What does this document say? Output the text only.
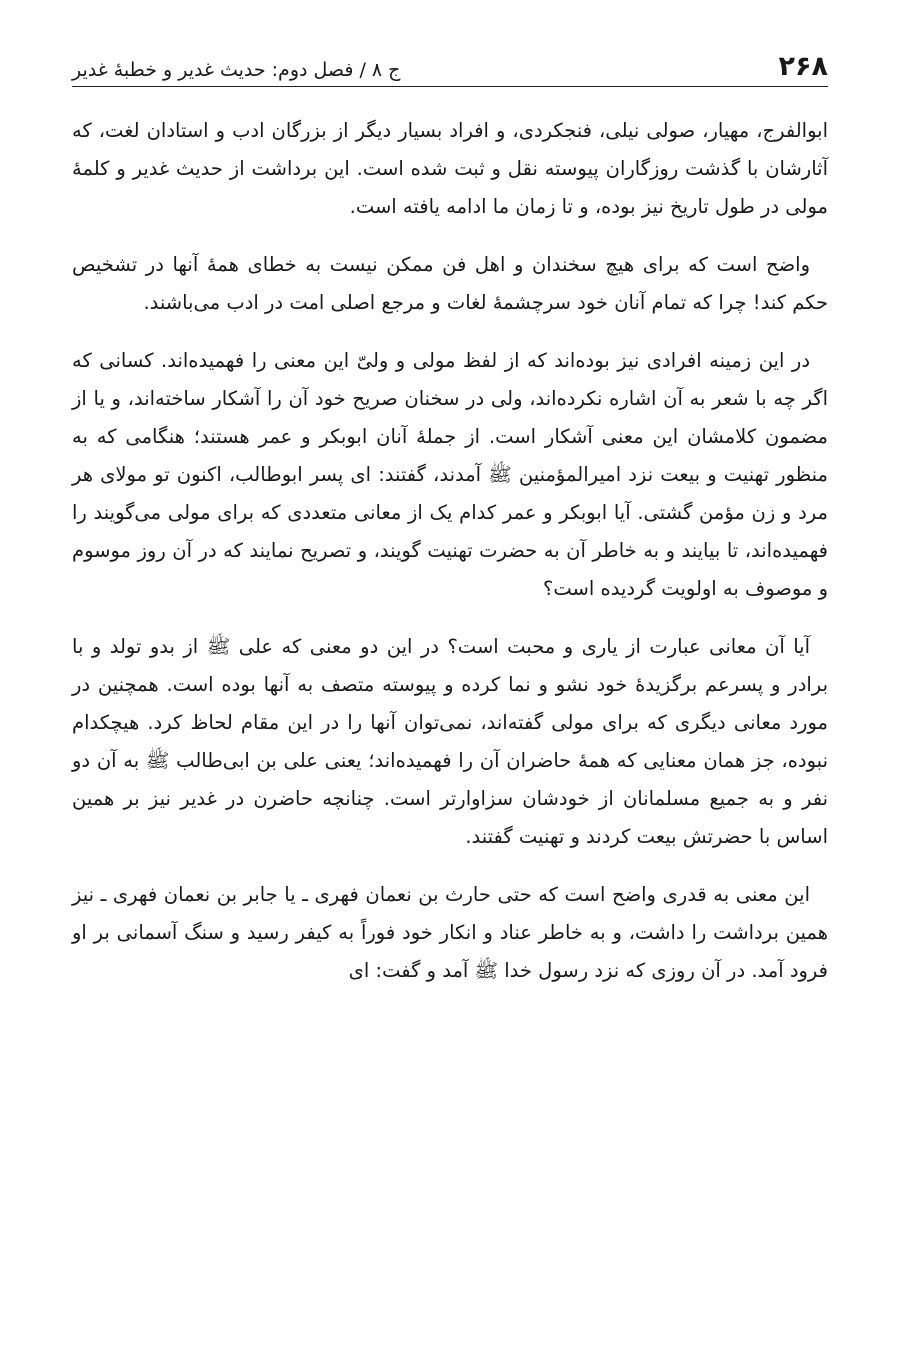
۲۶۸
ج ۸ / فصل دوم: حدیث غدیر و خطبهٔ غدیر

ابوالفرج، مهیار، صولی نیلی، فنجکردی، و افراد بسیار دیگر از بزرگان ادب و استادان لغت، که آثارشان با گذشت روزگاران پیوسته نقل و ثبت شده است. این برداشت از حدیث غدیر و کلمهٔ مولی در طول تاریخ نیز بوده، و تا زمان ما ادامه یافته است.

واضح است که برای هیچ سخندان و اهل فن ممکن نیست به خطای همهٔ آنها در تشخیص حکم کند! چرا که تمام آنان خود سرچشمهٔ لغات و مرجع اصلی امت در ادب می‌باشند.

در این زمینه افرادی نیز بوده‌اند که از لفظ مولی و ولیّ این معنی را فهمیده‌اند. کسانی که اگر چه با شعر به آن اشاره نکرده‌اند، ولی در سخنان صریح خود آن را آشکار ساخته‌اند، و یا از مضمون کلامشان این معنی آشکار است. از جملهٔ آنان ابوبکر و عمر هستند؛ هنگامی که به منظور تهنیت و بیعت نزد امیرالمؤمنین ﷺ آمدند، گفتند: ای پسر ابوطالب، اکنون تو مولای هر مرد و زن مؤمن گشتی. آیا ابوبکر و عمر کدام یک از معانی متعددی که برای مولی می‌گویند را فهمیده‌اند، تا بیایند و به خاطر آن به حضرت تهنیت گویند، و تصریح نمایند که در آن روز موسوم و موصوف به اولویت گردیده است؟

آیا آن معانی عبارت از یاری و محبت است؟ در این دو معنی که علی ﷺ از بدو تولد و با برادر و پسرعم برگزیدهٔ خود نشو و نما کرده و پیوسته متصف به آنها بوده است. همچنین در مورد معانی دیگری که برای مولی گفته‌اند، نمی‌توان آنها را در این مقام لحاظ کرد. هیچکدام نبوده، جز همان معنایی که همهٔ حاضران آن را فهمیده‌اند؛ یعنی علی بن ابی‌طالب ﷺ به آن دو نفر و به جمیع مسلمانان از خودشان سزاوارتر است. چنانچه حاضرن در غدیر نیز بر همین اساس با حضرتش بیعت کردند و تهنیت گفتند.

این معنی به قدری واضح است که حتی حارث بن نعمان فهری ـ یا جابر بن نعمان فهری ـ نیز همین برداشت را داشت، و به خاطر عناد و انکار خود فوراً به کیفر رسید و سنگ آسمانی بر او فرود آمد. در آن روزی که نزد رسول خدا ﷺ آمد و گفت: ای
